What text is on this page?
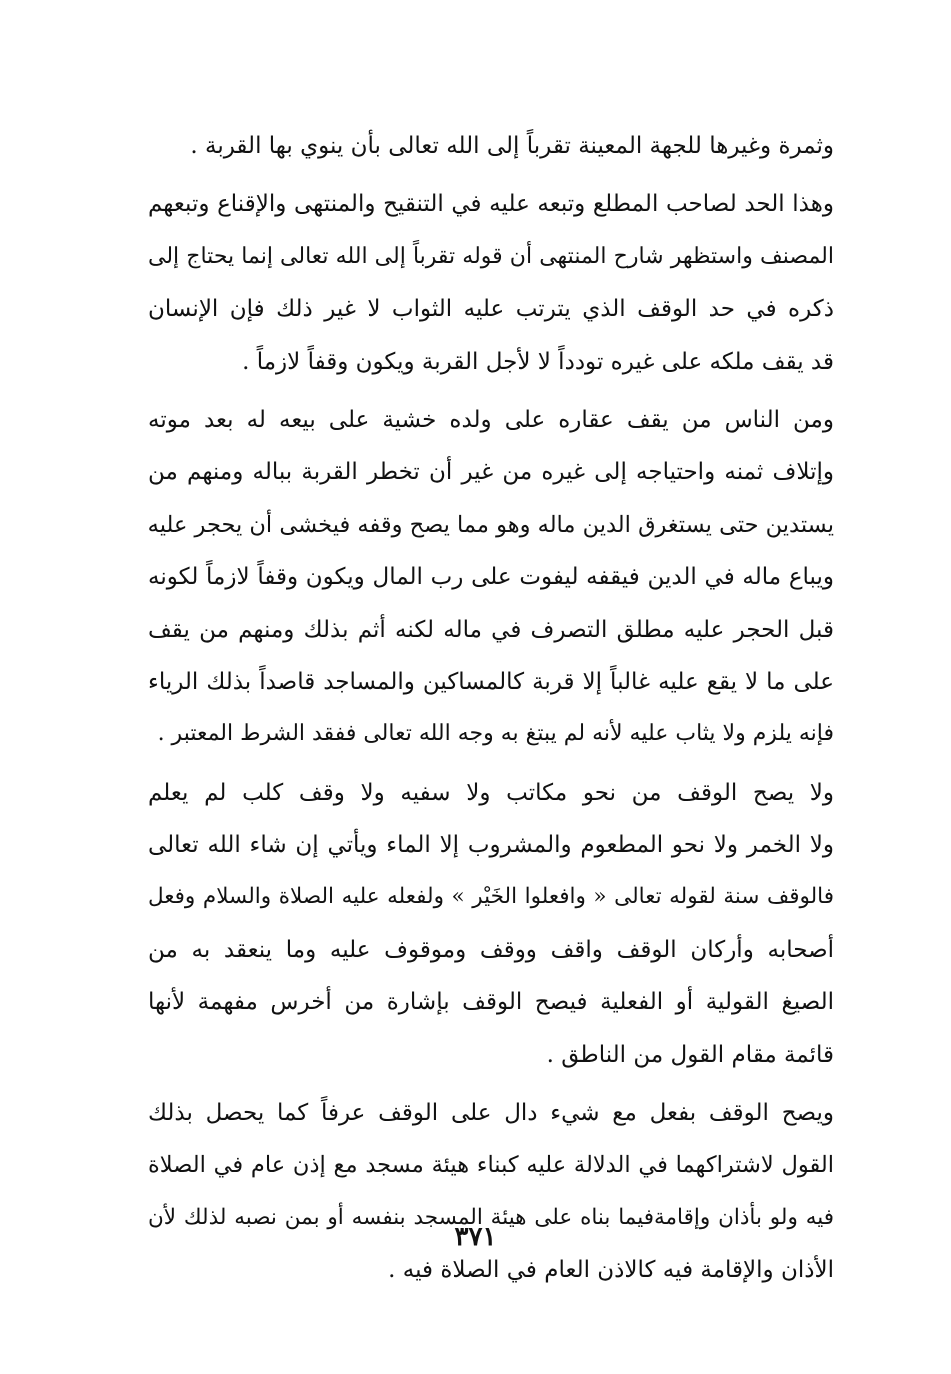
وثمرة وغيرها للجهة المعينة تقرباً إلى الله تعالى بأن ينوي بها القربة .
وهذا الحد لصاحب المطلع وتبعه عليه في التنقيح والمنتهى والإقناع وتبعهم
المصنف واستظهر شارح المنتهى أن قوله تقرباً إلى الله تعالى إنما يحتاج إلى
ذكره في حد الوقف الذي يترتب عليه الثواب لا غير ذلك فإن الإنسان
قد يقف ملكه على غيره تودداً لا لأجل القربة ويكون وقفاً لازماً .
ومن الناس من يقف عقاره على ولده خشية على بيعه له بعد موته
وإتلاف ثمنه واحتياجه إلى غيره من غير أن تخطر القربة بباله ومنهم من
يستدين حتى يستغرق الدين ماله وهو مما يصح وقفه فيخشى أن يحجر عليه
ويباع ماله في الدين فيقفه ليفوت على رب المال ويكون وقفاً لازماً لكونه
قبل الحجر عليه مطلق التصرف في ماله لكنه أثم بذلك ومنهم من يقف
على ما لا يقع عليه غالباً إلا قربة كالمساكين والمساجد قاصداً بذلك الرياء
فإنه يلزم ولا يثاب عليه لأنه لم يبتغ به وجه الله تعالى ففقد الشرط المعتبر .
ولا يصح الوقف من نحو مكاتب ولا سفيه ولا وقف كلب لم يعلم
ولا الخمر ولا نحو المطعوم والمشروب إلا الماء ويأتي إن شاء الله تعالى
فالوقف سنة لقوله تعالى « وافعلوا الخَيْر » ولفعله عليه الصلاة والسلام وفعل
أصحابه وأركان الوقف واقف ووقف وموقوف عليه وما ينعقد به من
الصيغ القولية أو الفعلية فيصح الوقف بإشارة من أخرس مفهمة لأنها
قائمة مقام القول من الناطق .
ويصح الوقف بفعل مع شيء دال على الوقف عرفاً كما يحصل بذلك
القول لاشتراكهما في الدلالة عليه كبناء هيئة مسجد مع إذن عام في الصلاة
فيه ولو بأذان وإقامةفيما بناه على هيئة المسجد بنفسه أو بمن نصبه لذلك لأن
الأذان والإقامة فيه كالاذن العام في الصلاة فيه .
٣٧١
